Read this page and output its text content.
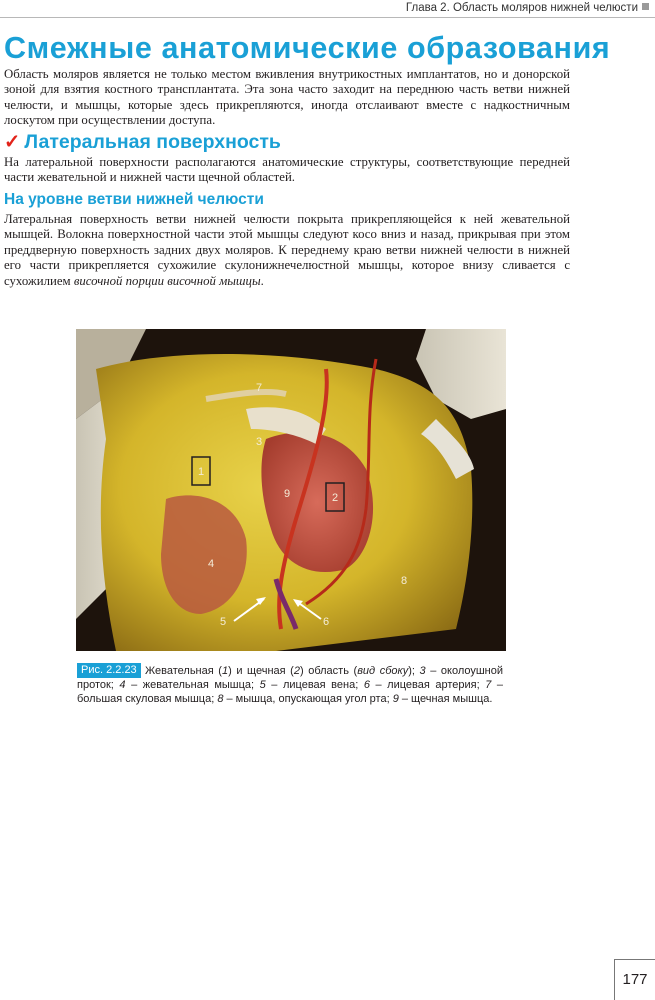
Глава 2. Область моляров нижней челюсти
Смежные анатомические образования

Область моляров является не только местом вживления внутрикостных имплантатов, но и донорской зоной для взятия костного трансплантата. Эта зона часто заходит на переднюю часть ветви нижней челюсти, и мышцы, которые здесь прикрепляются, иногда отслаивают вместе с надкостничным лоскутом при осуществлении доступа.

✓ Латеральная поверхность

На латеральной поверхности располагаются анатомические структуры, соответствующие передней части жевательной и нижней части щечной областей.

На уровне ветви нижней челюсти

Латеральная поверхность ветви нижней челюсти покрыта прикрепляющейся к ней жевательной мышцей. Волокна поверхностной части этой мышцы следуют косо вниз и назад, прикрывая при этом преддверную поверхность задних двух моляров. К переднему краю ветви нижней челюсти в нижней его части прикрепляется сухожилие скулонижнечелюстной мышцы, которое внизу сливается с сухожилием височной порции височной мышцы.

1
2
3
4
5	6
7
8
9
Рис. 2.2.23 Жевательная (1) и щечная (2) область (вид сбоку); 3 – околоушной проток; 4 – жевательная мышца; 5 – лицевая вена; 6 – лицевая артерия; 7 – большая скуловая мышца; 8 – мышца, опускающая угол рта; 9 – щечная мышца.

177
